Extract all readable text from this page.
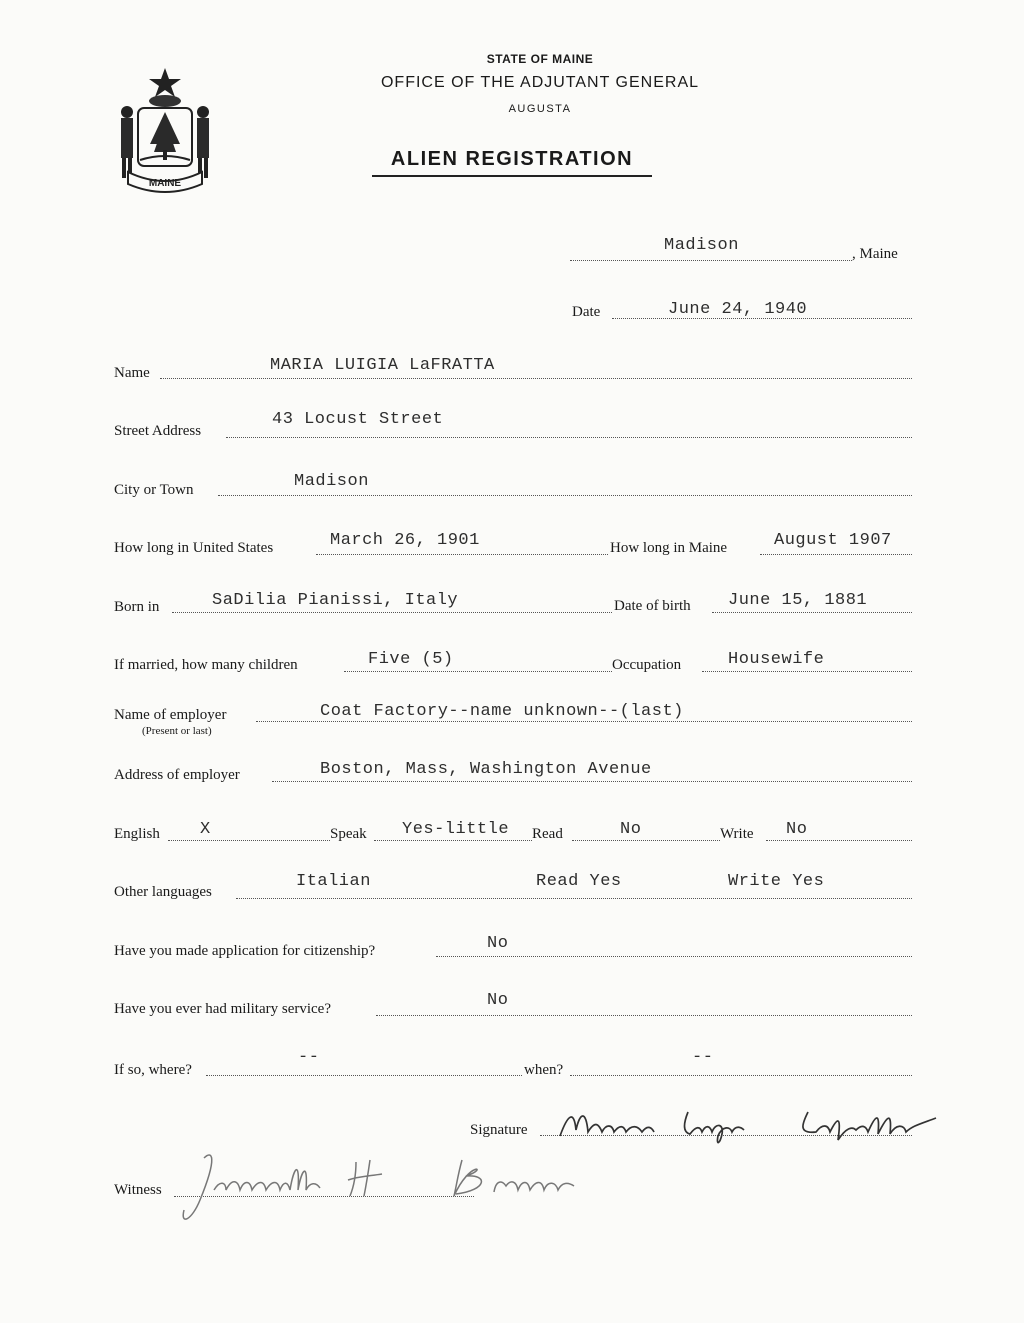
MAINE
STATE OF MAINE
OFFICE OF THE ADJUTANT GENERAL
AUGUSTA
ALIEN REGISTRATION
Madison	, Maine
Date	June 24, 1940
Name	MARIA LUIGIA LaFRATTA
Street Address
43 Locust Street
City or Town	Madison
How long in United States	March 26, 1901	How long in Maine	August 1907
Born in	SaDilia Pianissi, Italy	Date of birth June 15, 1881
If married, how many children	Five (5)	Occupation	Housewife
Name of employer
(Present or last)
Coat Factory--name unknown--(last)
Address of employer	Boston, Mass, Washington Avenue
English X	Speak Yes-little Read	No	Write No
Other languages
Italian	Read Yes	Write Yes
Have you made application for citizenship?	No
Have you ever had military service?	No
If so, where?
--
when?
--
Signature
Witness
